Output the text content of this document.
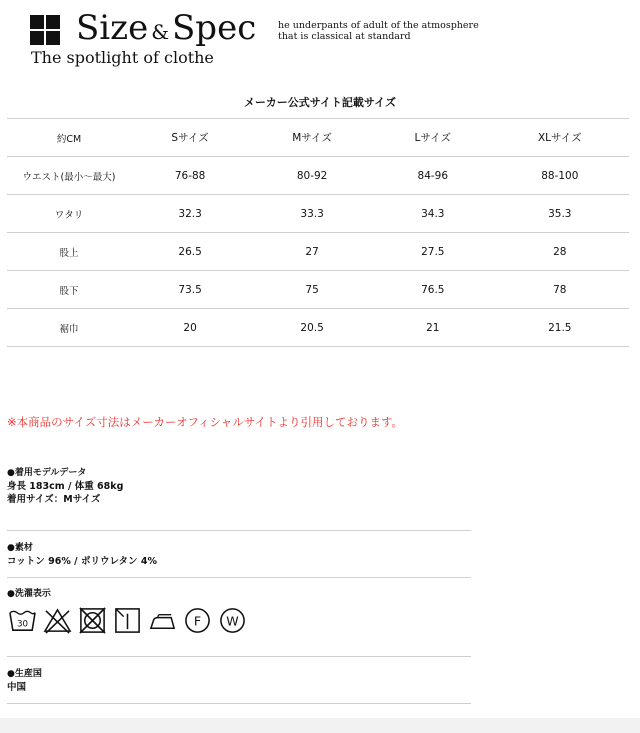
Size &Spec
The spotlight of clothe
he underpants of adult of the atmosphere
that is classical at standard
メーカー公式サイト記載サイズ
約CM	Sサイズ	Mサイズ	Lサイズ	XLサイズ
ウエスト(最小〜最大)	76-88	80-92	84-96	88-100
ワタリ	32.3	33.3	34.3	35.3
股上	26.5	27	27.5	28
股下	73.5	75	76.5	78
裾巾	20	20.5	21	21.5
※本商品のサイズ寸法はメーカーオフィシャルサイトより引用しております。
●着用モデルデータ
身長 183cm / 体重 68kg
着用サイズ：Mサイズ
●素材
コットン 96% / ポリウレタン 4%
●洗濯表示
30	F W
●生産国
中国
